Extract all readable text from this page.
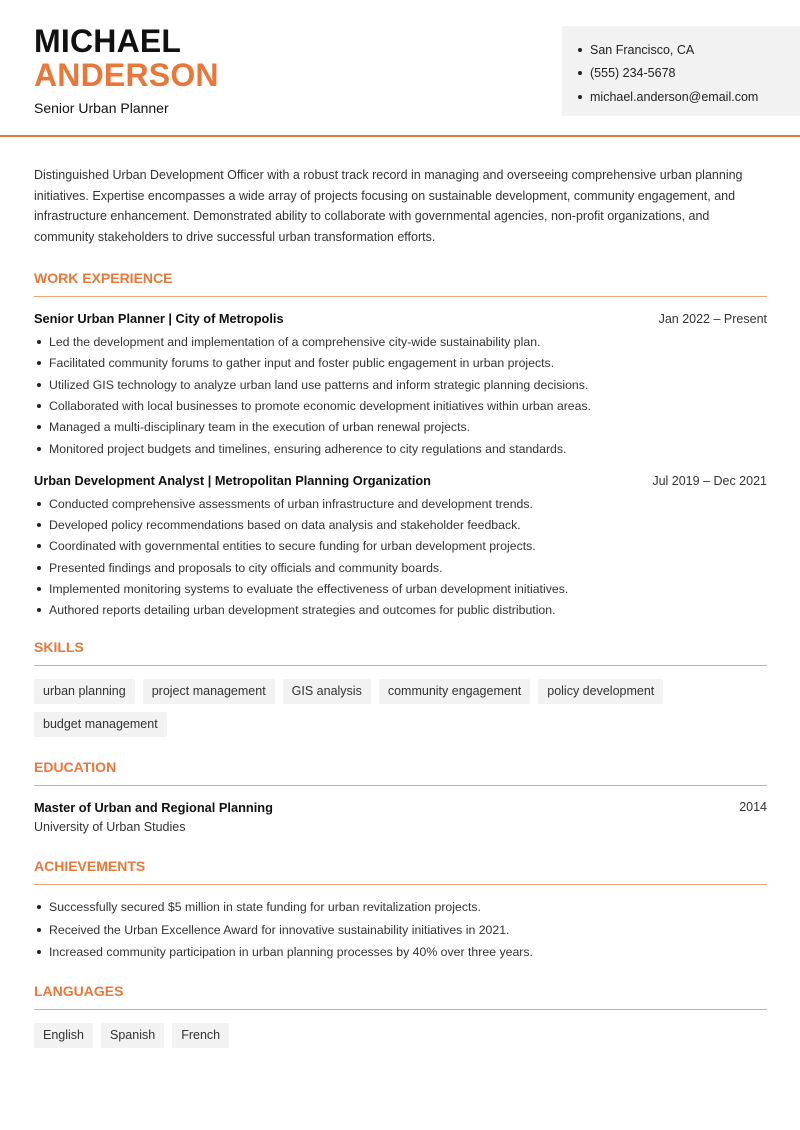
MICHAEL
ANDERSON
Senior Urban Planner
San Francisco, CA
(555) 234-5678
michael.anderson@email.com

Distinguished Urban Development Officer with a robust track record in managing and overseeing comprehensive urban planning initiatives. Expertise encompasses a wide array of projects focusing on sustainable development, community engagement, and infrastructure enhancement. Demonstrated ability to collaborate with governmental agencies, non-profit organizations, and community stakeholders to drive successful urban transformation efforts.

WORK EXPERIENCE
Senior Urban Planner | City of Metropolis	Jan 2022 – Present
Led the development and implementation of a comprehensive city-wide sustainability plan.
Facilitated community forums to gather input and foster public engagement in urban projects.
Utilized GIS technology to analyze urban land use patterns and inform strategic planning decisions.
Collaborated with local businesses to promote economic development initiatives within urban areas.
Managed a multi-disciplinary team in the execution of urban renewal projects.
Monitored project budgets and timelines, ensuring adherence to city regulations and standards.
Urban Development Analyst | Metropolitan Planning Organization	Jul 2019 – Dec 2021
Conducted comprehensive assessments of urban infrastructure and development trends.
Developed policy recommendations based on data analysis and stakeholder feedback.
Coordinated with governmental entities to secure funding for urban development projects.
Presented findings and proposals to city officials and community boards.
Implemented monitoring systems to evaluate the effectiveness of urban development initiatives.
Authored reports detailing urban development strategies and outcomes for public distribution.
SKILLS
urban planning	project management	GIS analysis	community engagement	policy development
budget management
EDUCATION
Master of Urban and Regional Planning	2014
University of Urban Studies
ACHIEVEMENTS
Successfully secured $5 million in state funding for urban revitalization projects.
Received the Urban Excellence Award for innovative sustainability initiatives in 2021.
Increased community participation in urban planning processes by 40% over three years.
LANGUAGES
English	Spanish	French
